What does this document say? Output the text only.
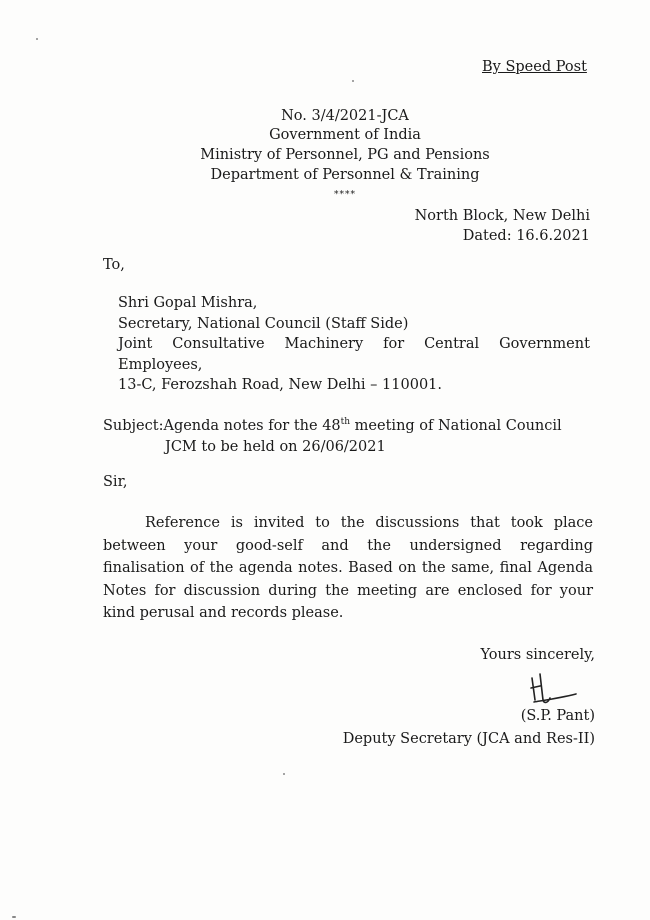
By Speed Post
No. 3/4/2021-JCA
Government of India
Ministry of Personnel, PG and Pensions
Department of Personnel & Training
****
North Block, New Delhi
Dated: 16.6.2021
To,
Shri Gopal Mishra,
Secretary, National Council (Staff Side)
Joint Consultative Machinery for Central Government
Employees,
13-C, Ferozshah Road, New Delhi – 110001.
Subject:Agenda notes for the 48th meeting of National Council
JCM to be held on 26/06/2021
Sir,

Reference is invited to the discussions that took place

between your good-self and the undersigned regarding

finalisation of the agenda notes. Based on the same, final Agenda

Notes for discussion during the meeting are enclosed for your

kind perusal and records please.

Yours sincerely,
(S.P. Pant)
Deputy Secretary (JCA and Res-II)
